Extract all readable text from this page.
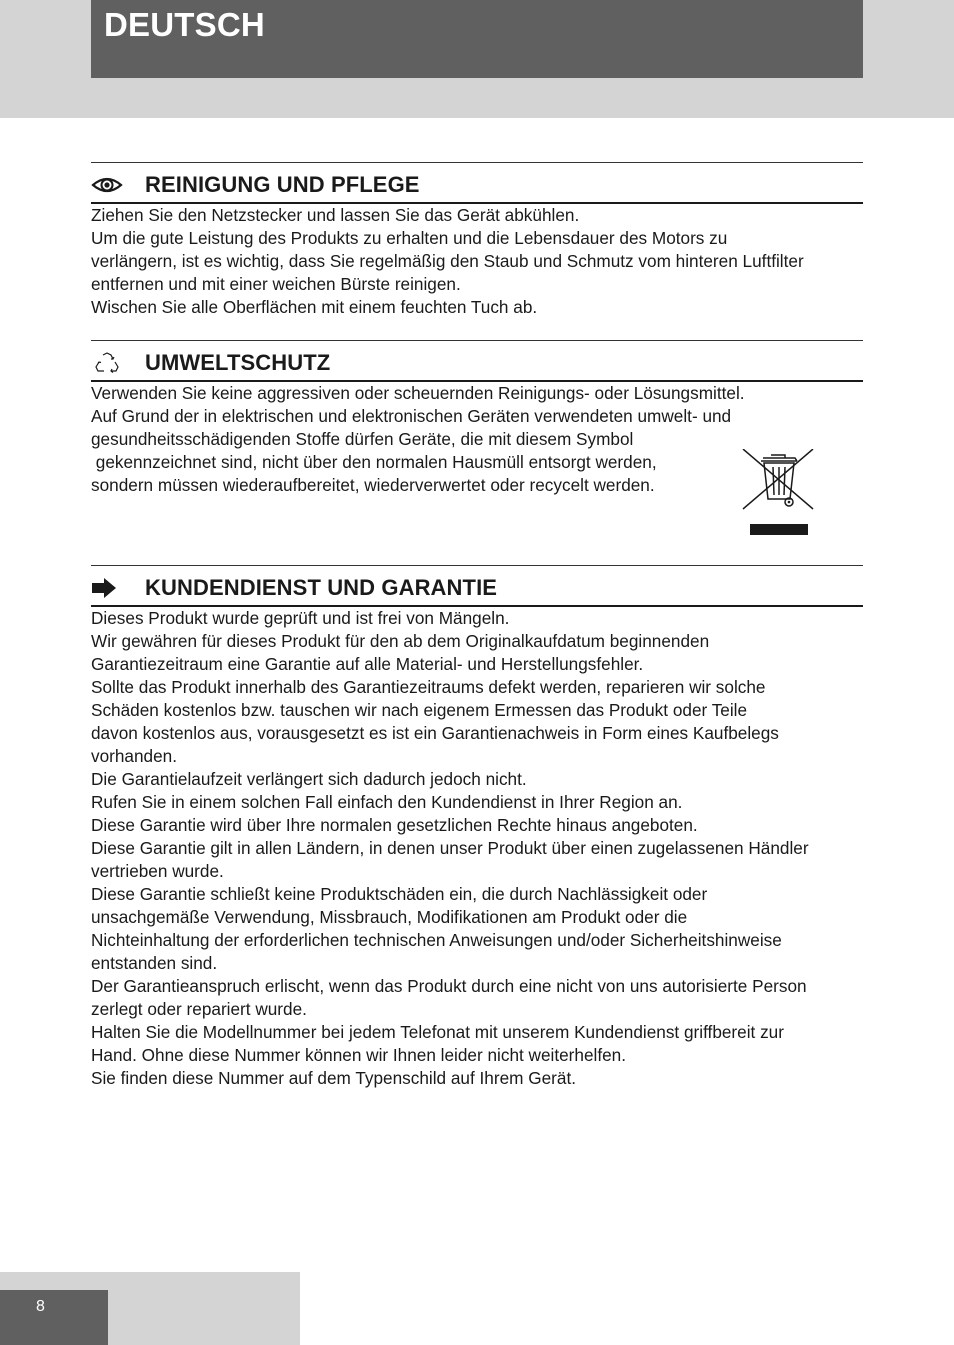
DEUTSCH
REINIGUNG UND PFLEGE

Ziehen Sie den Netzstecker und lassen Sie das Gerät abkühlen.

Um die gute Leistung des Produkts zu erhalten und die Lebensdauer des Motors zu

verlängern, ist es wichtig, dass Sie regelmäßig den Staub und Schmutz vom hinteren Luftfilter

entfernen und mit einer weichen Bürste reinigen.

Wischen Sie alle Oberflächen mit einem feuchten Tuch ab.

UMWELTSCHUTZ

Verwenden Sie keine aggressiven oder scheuernden Reinigungs- oder Lösungsmittel.

Auf Grund der in elektrischen und elektronischen Geräten verwendeten umwelt- und

gesundheitsschädigenden Stoffe dürfen Geräte, die mit diesem Symbol

gekennzeichnet sind, nicht über den normalen Hausmüll entsorgt werden,

sondern müssen wiederaufbereitet, wiederverwertet oder recycelt werden.

KUNDENDIENST UND GARANTIE

Dieses Produkt wurde geprüft und ist frei von Mängeln.

Wir gewähren für dieses Produkt für den ab dem Originalkaufdatum beginnenden

Garantiezeitraum eine Garantie auf alle Material- und Herstellungsfehler.

Sollte das Produkt innerhalb des Garantiezeitraums defekt werden, reparieren wir solche

Schäden kostenlos bzw. tauschen wir nach eigenem Ermessen das Produkt oder Teile

davon kostenlos aus, vorausgesetzt es ist ein Garantienachweis in Form eines Kaufbelegs

vorhanden.

Die Garantielaufzeit verlängert sich dadurch jedoch nicht.

Rufen Sie in einem solchen Fall einfach den Kundendienst in Ihrer Region an.

Diese Garantie wird über Ihre normalen gesetzlichen Rechte hinaus angeboten.

Diese Garantie gilt in allen Ländern, in denen unser Produkt über einen zugelassenen Händler

vertrieben wurde.

Diese Garantie schließt keine Produktschäden ein, die durch Nachlässigkeit oder

unsachgemäße Verwendung, Missbrauch, Modifikationen am Produkt oder die

Nichteinhaltung der erforderlichen technischen Anweisungen und/oder Sicherheitshinweise

entstanden sind.

Der Garantieanspruch erlischt, wenn das Produkt durch eine nicht von uns autorisierte Person

zerlegt oder repariert wurde.

Halten Sie die Modellnummer bei jedem Telefonat mit unserem Kundendienst griffbereit zur

Hand. Ohne diese Nummer können wir Ihnen leider nicht weiterhelfen.

Sie finden diese Nummer auf dem Typenschild auf Ihrem Gerät.

8
